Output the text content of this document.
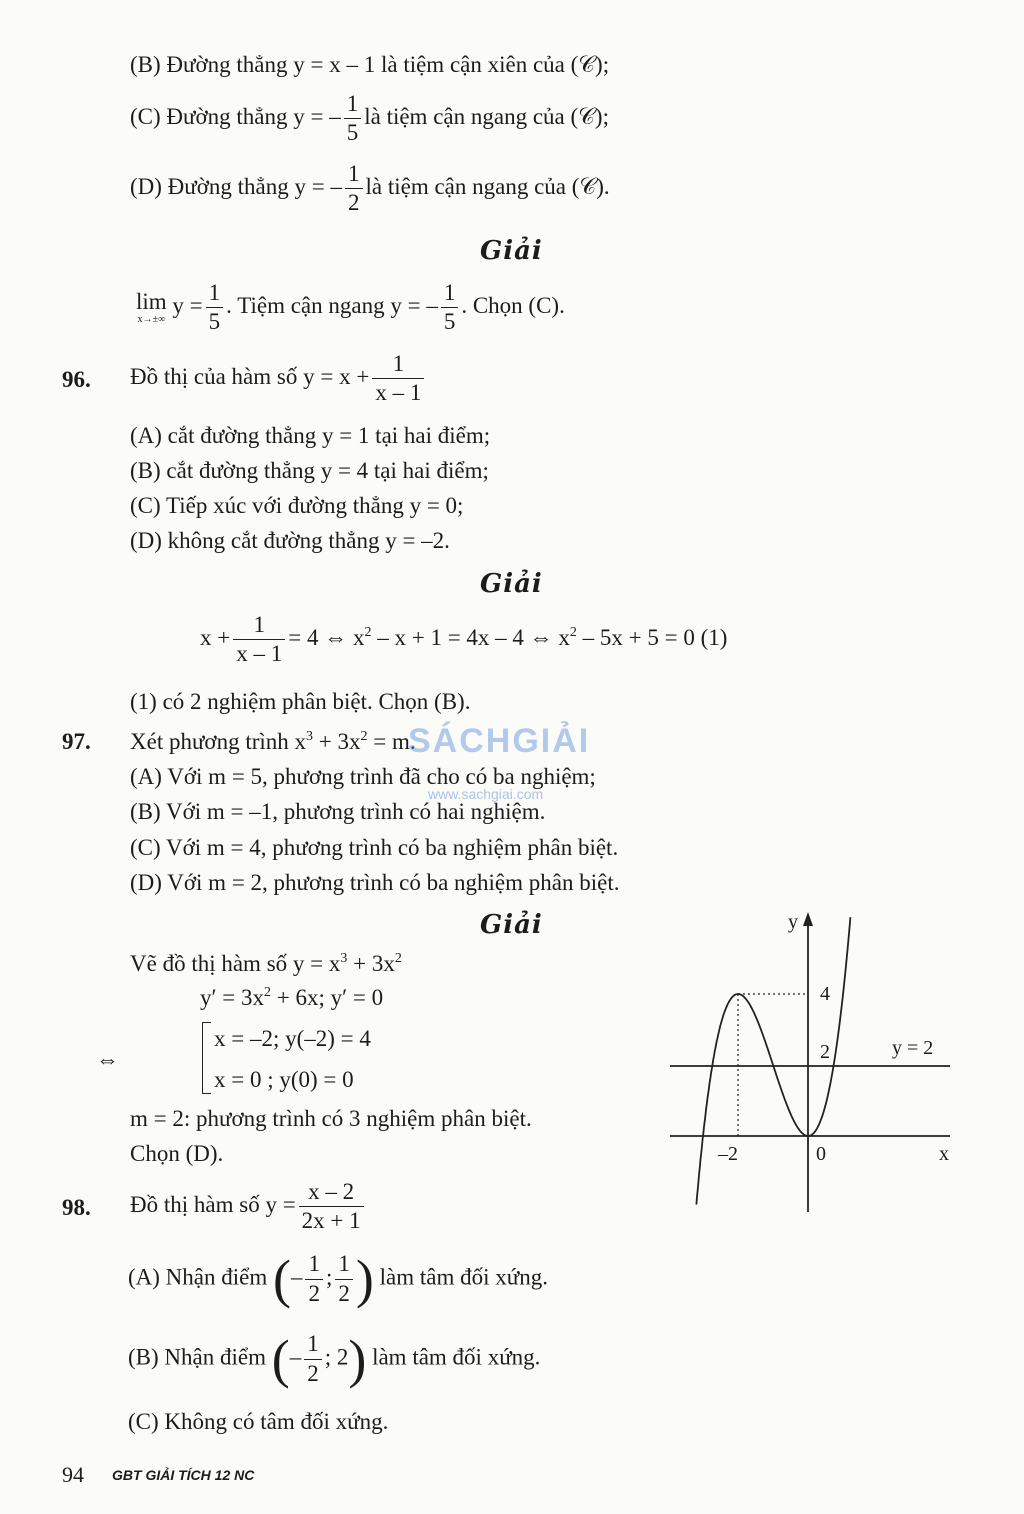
(B) Đường thẳng y = x – 1 là tiệm cận xiên của (𝒞);
(C) Đường thẳng y = – $\frac{1}{5}$ là tiệm cận ngang của (𝒞);
(D) Đường thẳng y = – $\frac{1}{2}$ là tiệm cận ngang của (𝒞).
Giải
lim
x→±∞
$y = \frac{1}{5}$ . Tiệm cận ngang y = – $\frac{1}{5}$ . Chọn (C).
96. Đồ thị của hàm số $y = x + \frac{1}{x - 1}$
(A) cắt đường thẳng y = 1 tại hai điểm;
(B) cắt đường thẳng y = 4 tại hai điểm;
(C) Tiếp xúc với đường thẳng y = 0;
(D) không cắt đường thẳng y = –2.
Giải
$x + \frac{1}{x - 1} = 4$ ⇔ $x^2 - x + 1 = 4x - 4$ ⇔ $x^2 - 5x + 5 = 0$ (1)
(1) có 2 nghiệm phân biệt. Chọn (B).
97. Xét phương trình $x^3 + 3x^2 = m$.
(A) Với m = 5, phương trình đã cho có ba nghiệm;
(B) Với m = –1, phương trình có hai nghiệm.
(C) Với m = 4, phương trình có ba nghiệm phân biệt.
(D) Với m = 2, phương trình có ba nghiệm phân biệt.
Giải
Vẽ đồ thị hàm số $y = x^3 + 3x^2$
$y' = 3x^2 + 6x$; y′ = 0
⇔
x = –2; y(–2) = 4
x = 0 ; y(0) = 0
m = 2: phương trình có 3 nghiệm phân biệt.
Chọn (D).
y
x
4
2
–2	0
y = 2
98. Đồ thị hàm số $y = \frac{x - 2}{2x + 1}$
(A) Nhận điểm (– $\frac{1}{2}$ ; $\frac{1}{2}$ ) làm tâm đối xứng.
(B) Nhận điểm (– $\frac{1}{2}$ ; 2) làm tâm đối xứng.
(C) Không có tâm đối xứng.
SÁCHGIẢI
www.sachgiai.com
94 GBT GIẢI TÍCH 12 NC
